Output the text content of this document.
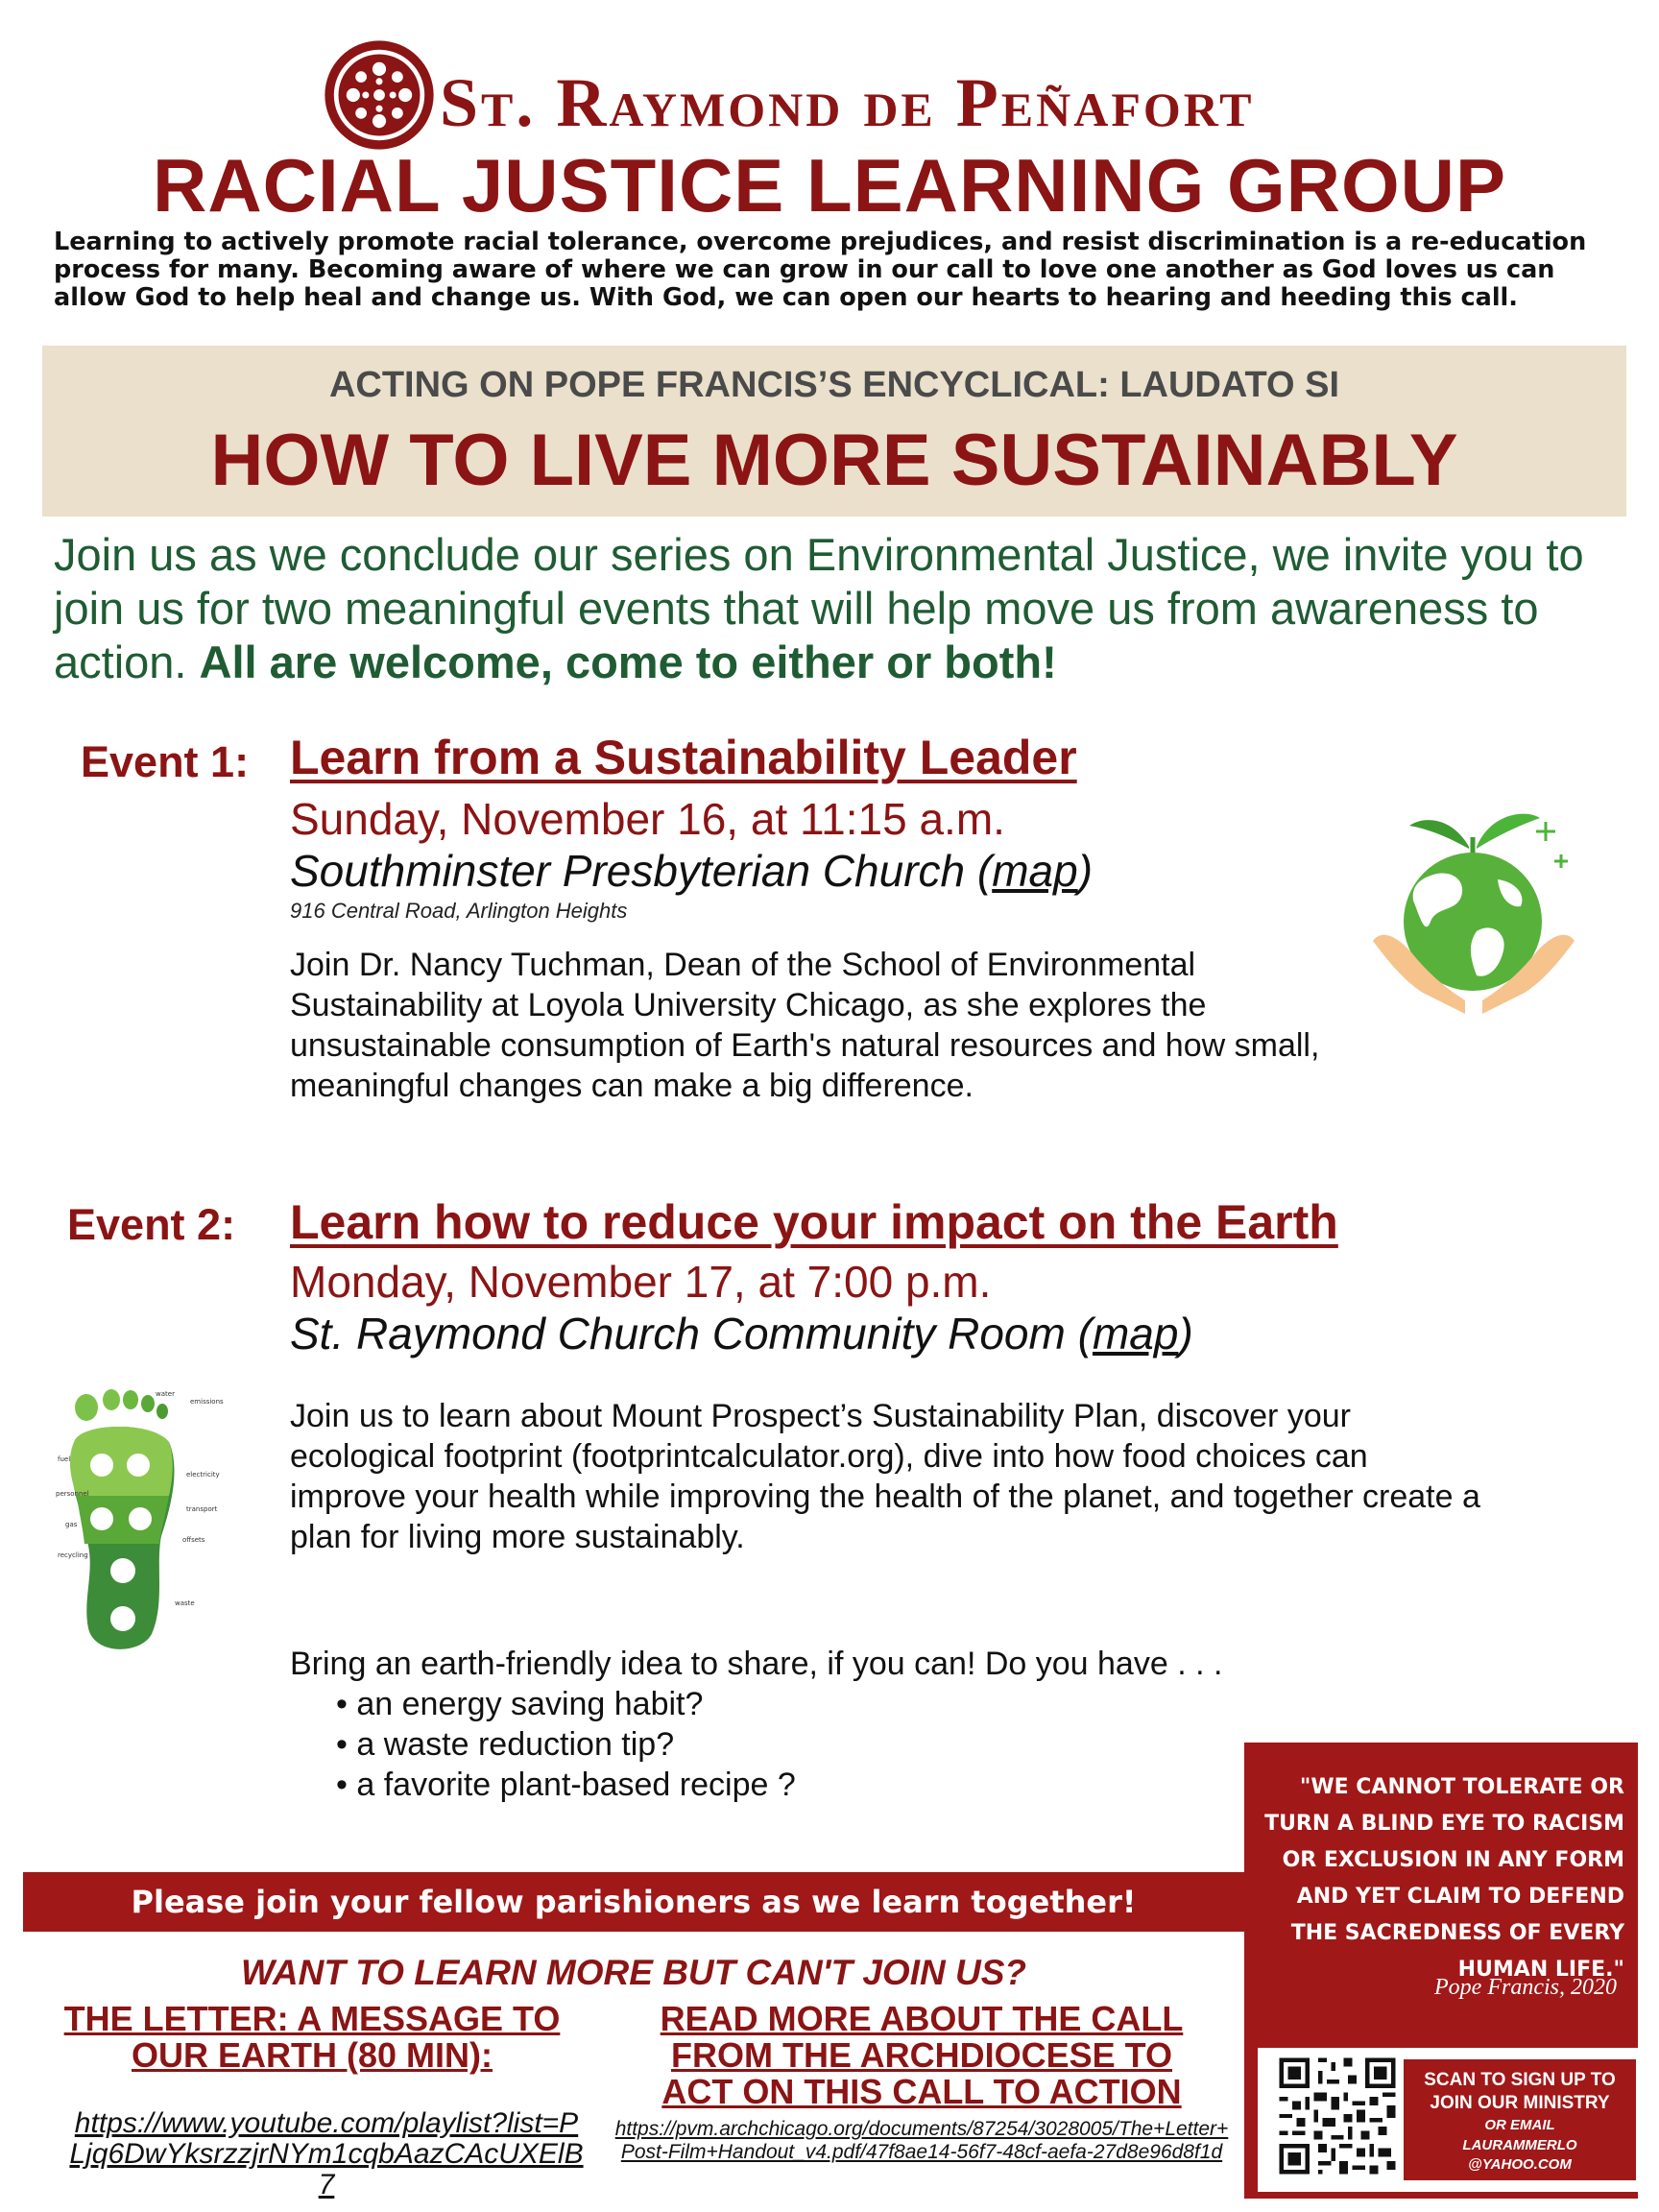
St. Raymond de Peñafort
RACIAL JUSTICE LEARNING GROUP
Learning to actively promote racial tolerance, overcome prejudices, and resist discrimination is a re-education process for many. Becoming aware of where we can grow in our call to love one another as God loves us can allow God to help heal and change us. With God, we can open our hearts to hearing and heeding this call.
ACTING ON POPE FRANCIS’S ENCYCLICAL: LAUDATO SI
HOW TO LIVE MORE SUSTAINABLY
Join us as we conclude our series on Environmental Justice, we invite you to join us for two meaningful events that will help move us from awareness to action. All are welcome, come to either or both!
Event 1: Learn from a Sustainability Leader
Sunday, November 16, at 11:15 a.m.
Southminster Presbyterian Church (map)
916 Central Road, Arlington Heights
Join Dr. Nancy Tuchman, Dean of the School of Environmental Sustainability at Loyola University Chicago, as she explores the unsustainable consumption of Earth's natural resources and how small, meaningful changes can make a big difference.
Event 2: Learn how to reduce your impact on the Earth
Monday, November 17, at 7:00 p.m.
St. Raymond Church Community Room (map)
Join us to learn about Mount Prospect’s Sustainability Plan, discover your ecological footprint (footprintcalculator.org), dive into how food choices can improve your health while improving the health of the planet, and together create a plan for living more sustainably.
Bring an earth-friendly idea to share, if you can! Do you have . . .
• an energy saving habit?
• a waste reduction tip?
• a favorite plant-based recipe ?
water
emissions
fuel
electricity
personnel
gas
transport
recycling
offsets
waste
"WE CANNOT TOLERATE OR TURN A BLIND EYE TO RACISM OR EXCLUSION IN ANY FORM AND YET CLAIM TO DEFEND THE SACREDNESS OF EVERY HUMAN LIFE."
Pope Francis, 2020
SCAN TO SIGN UP TO JOIN OUR MINISTRY
OR EMAIL
LAURAMMERLO
@YAHOO.COM
Please join your fellow parishioners as we learn together!
WANT TO LEARN MORE BUT CAN'T JOIN US?
THE LETTER: A MESSAGE TO OUR EARTH (80 MIN):
https://www.youtube.com/playlist?list=PLjq6DwYksrzzjrNYm1cqbAazCAcUXElB7
READ MORE ABOUT THE CALL FROM THE ARCHDIOCESE TO ACT ON THIS CALL TO ACTION
https://pvm.archchicago.org/documents/87254/3028005/The+Letter+Post-Film+Handout_v4.pdf/47f8ae14-56f7-48cf-aefa-27d8e96d8f1d
